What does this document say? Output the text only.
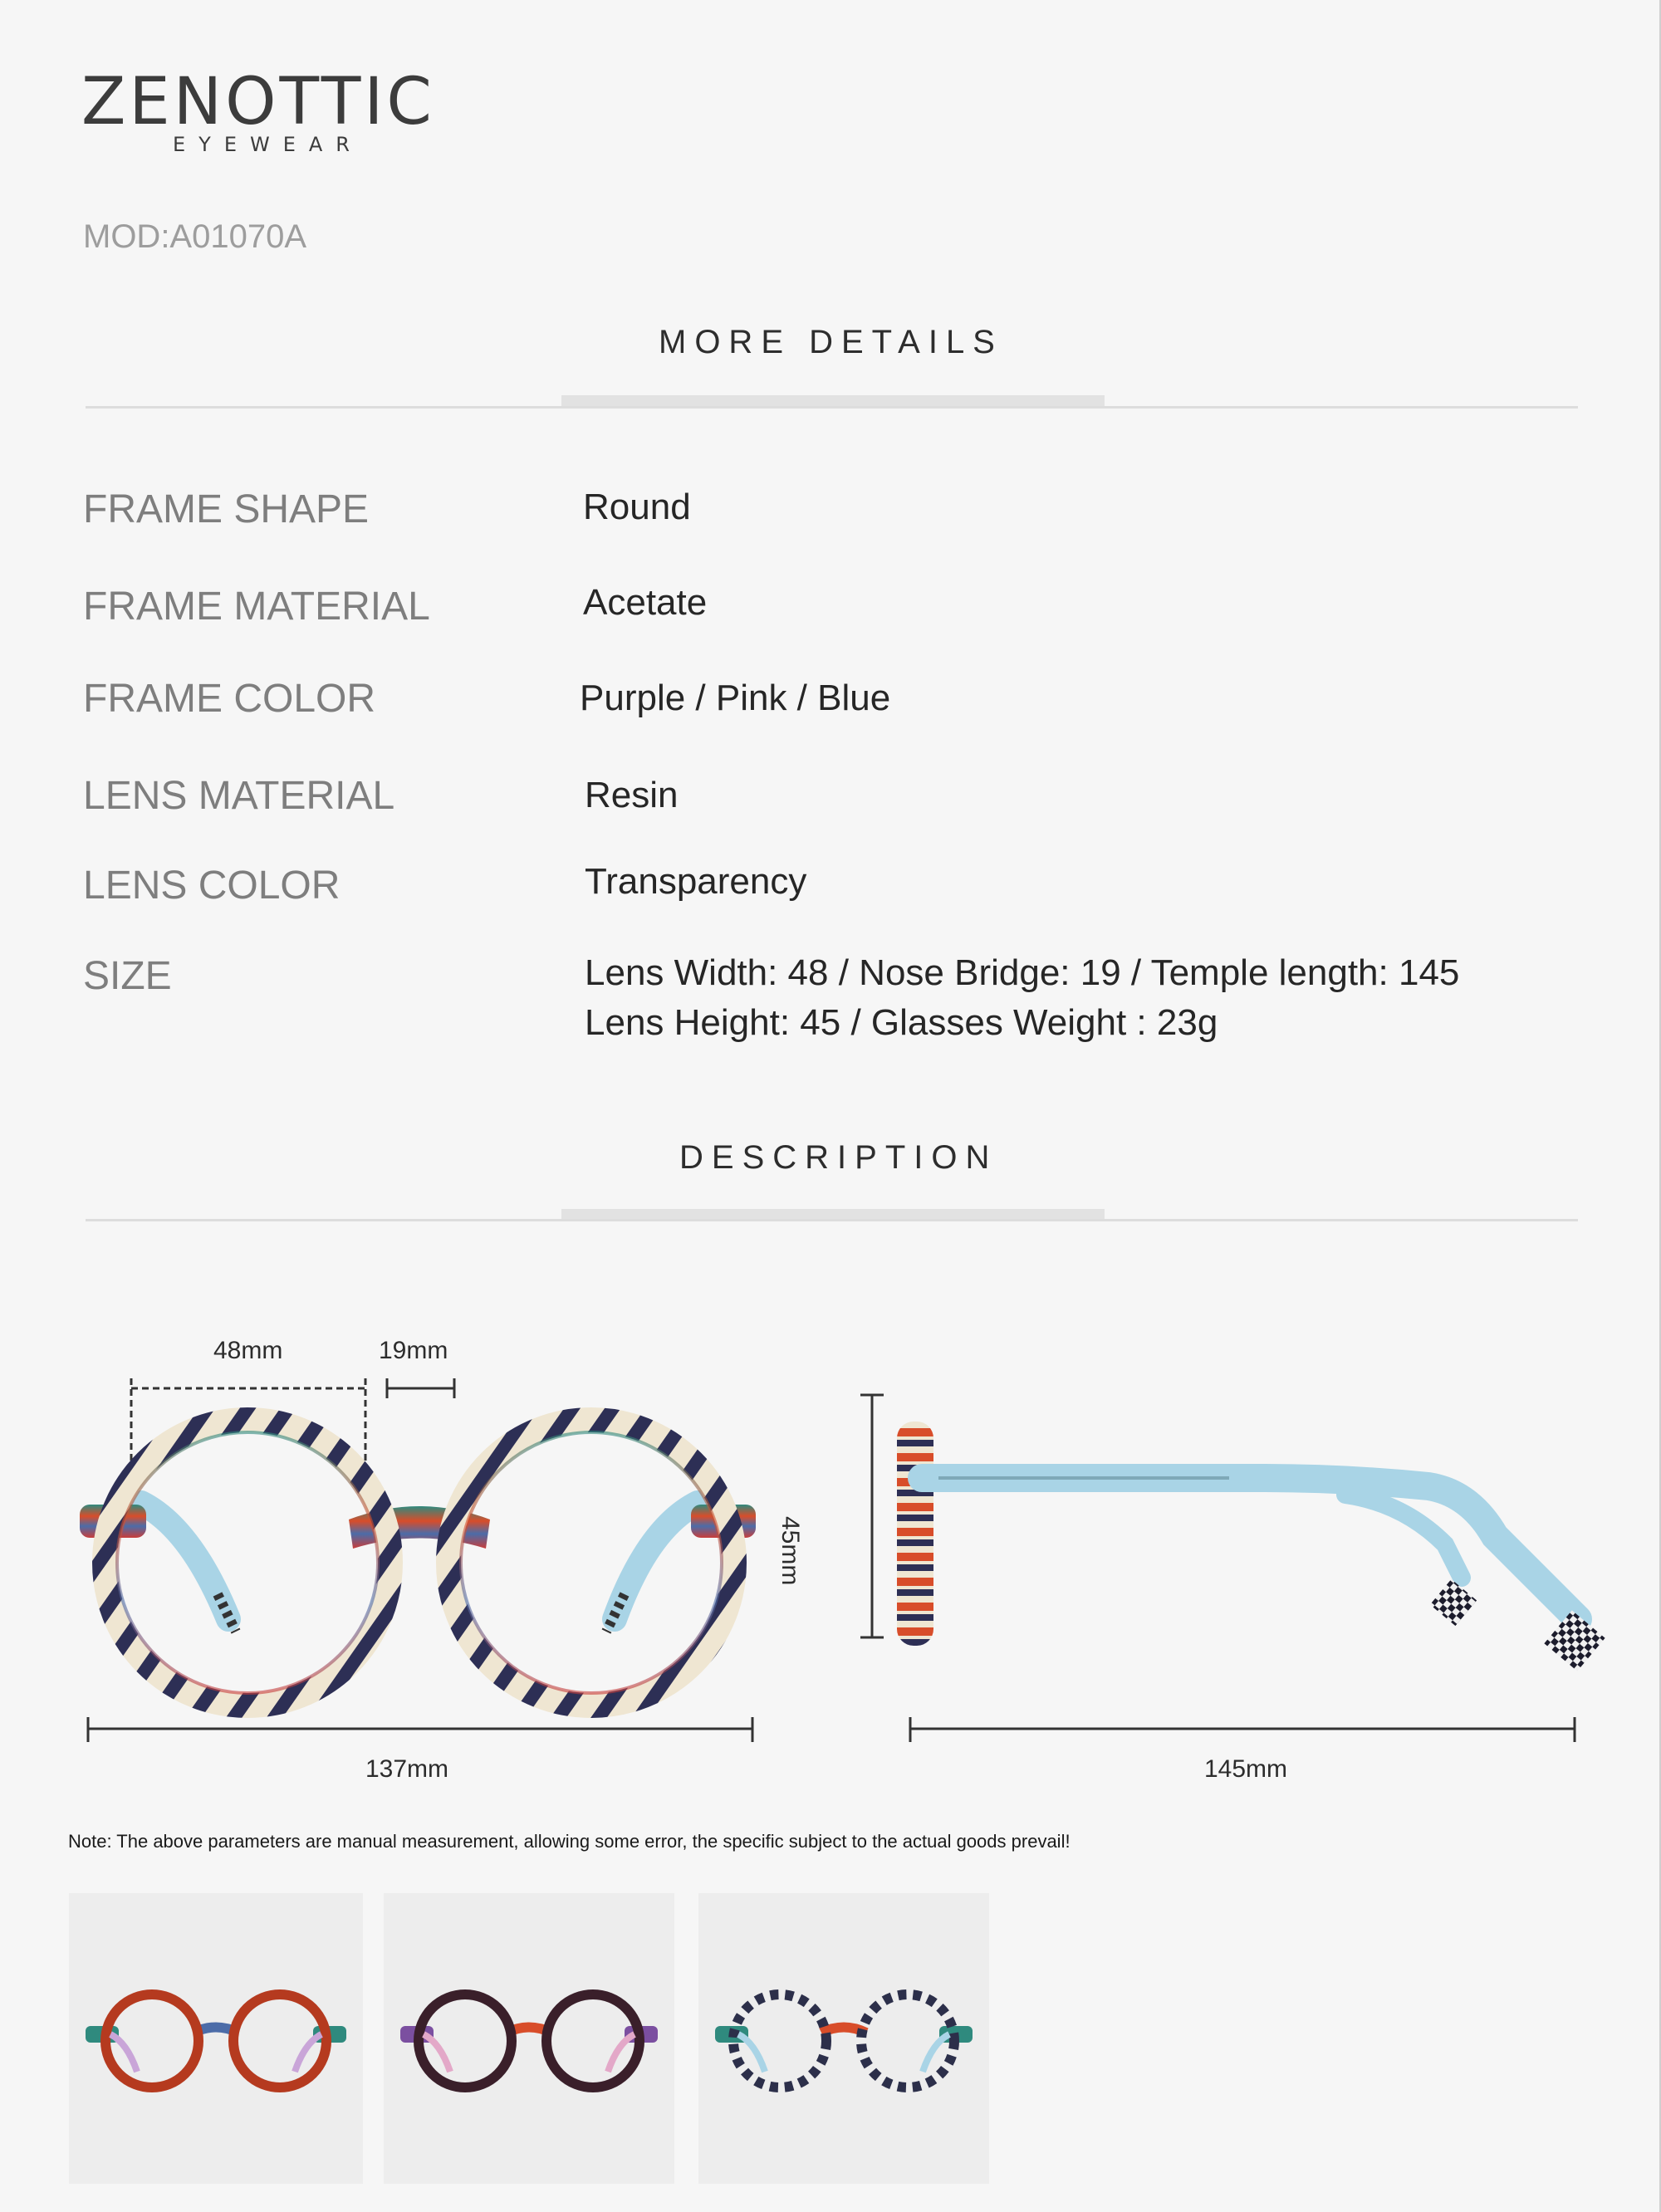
ZENOTTIC
EYEWEAR
MOD:A01070A
MORE DETAILS
FRAME SHAPE	Round
FRAME MATERIAL	Acetate
FRAME COLOR	Purple / Pink / Blue
LENS MATERIAL	Resin
LENS COLOR	Transparency
SIZE	Lens Width: 48 / Nose Bridge: 19 / Temple length: 145
Lens Height: 45 / Glasses Weight : 23g
DESCRIPTION
48mm	19mm
137mm
45mm
145mm
Note: The above parameters are manual measurement, allowing some error, the specific subject to the actual goods prevail!
